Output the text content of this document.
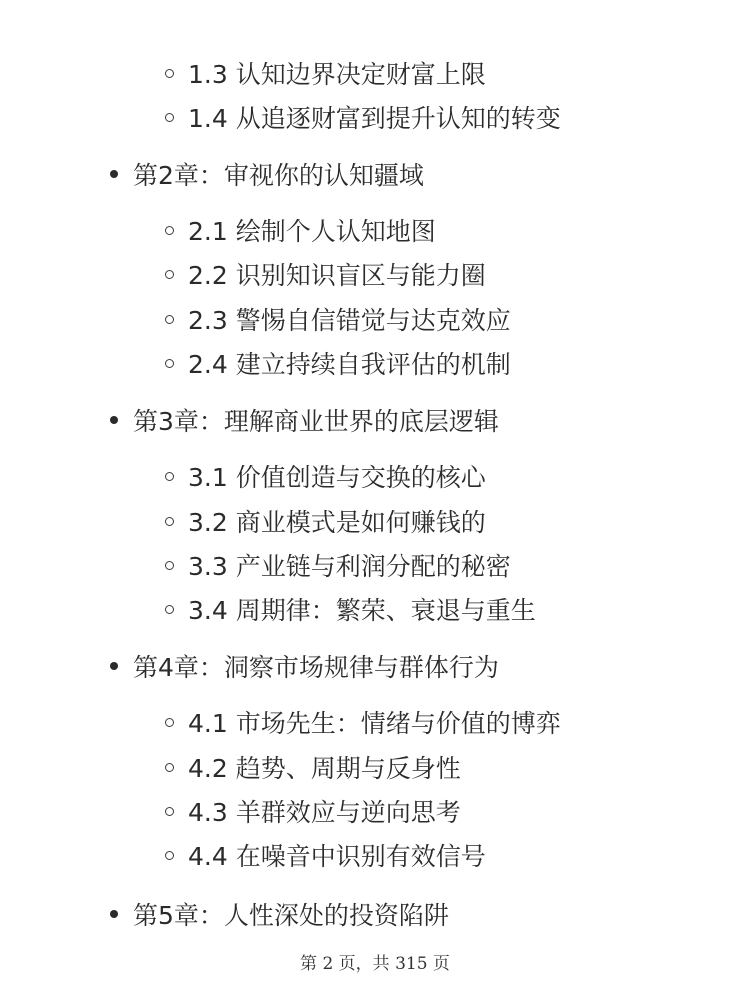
1.3 认知边界决定财富上限
1.4 从追逐财富到提升认知的转变
第2章：审视你的认知疆域
2.1 绘制个人认知地图
2.2 识别知识盲区与能力圈
2.3 警惕自信错觉与达克效应
2.4 建立持续自我评估的机制
第3章：理解商业世界的底层逻辑
3.1 价值创造与交换的核心
3.2 商业模式是如何赚钱的
3.3 产业链与利润分配的秘密
3.4 周期律：繁荣、衰退与重生
第4章：洞察市场规律与群体行为
4.1 市场先生：情绪与价值的博弈
4.2 趋势、周期与反身性
4.3 羊群效应与逆向思考
4.4 在噪音中识别有效信号
第5章：人性深处的投资陷阱
第 2 页，共 315 页
